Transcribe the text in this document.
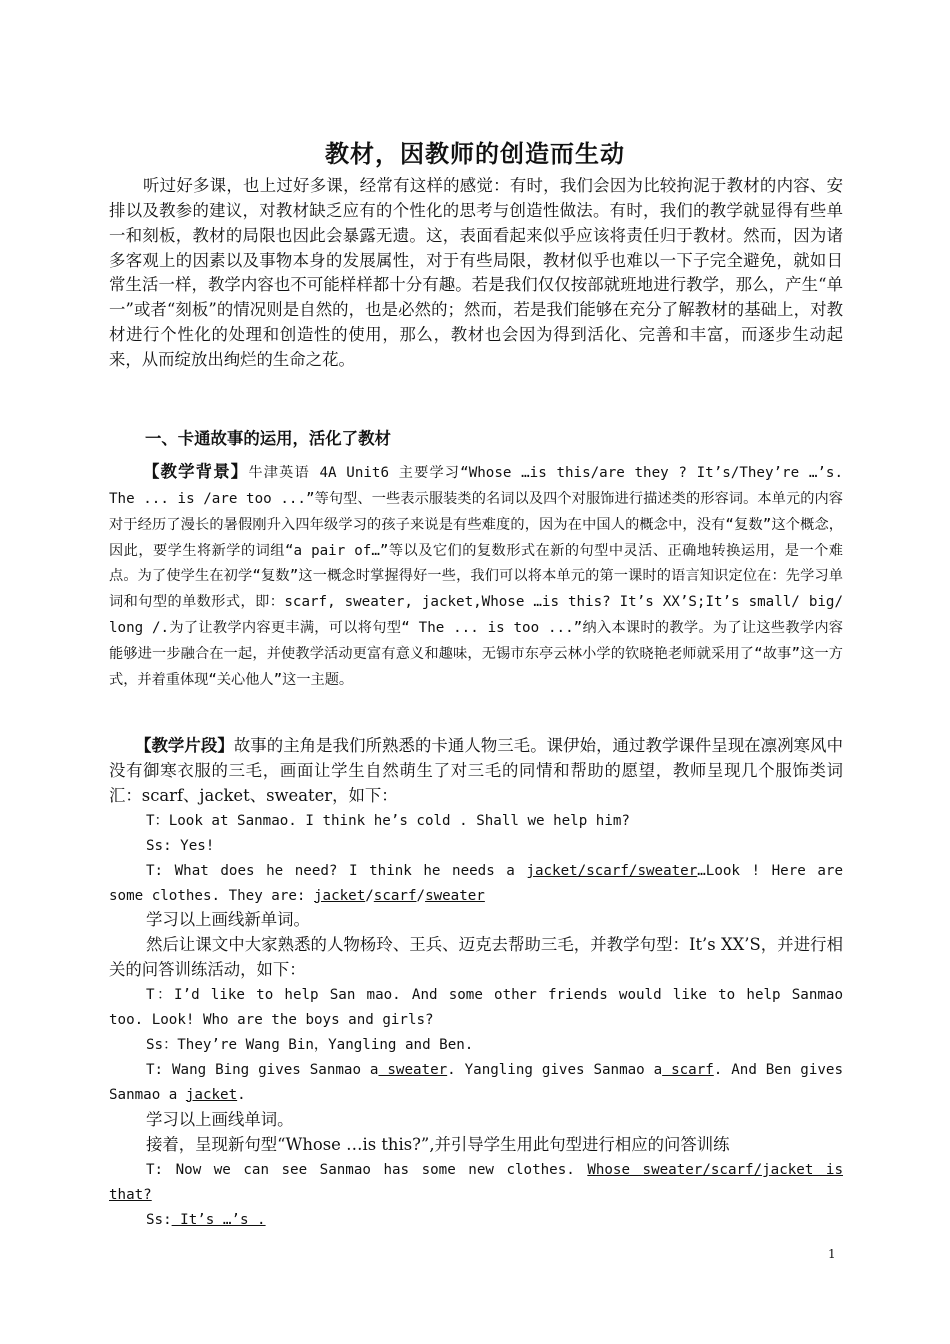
教材，因教师的创造而生动

听过好多课，也上过好多课，经常有这样的感觉：有时，我们会因为比较拘泥于教材的内容、安排以及教参的建议，对教材缺乏应有的个性化的思考与创造性做法。有时，我们的教学就显得有些单一和刻板，教材的局限也因此会暴露无遗。这，表面看起来似乎应该将责任归于教材。然而，因为诸多客观上的因素以及事物本身的发展属性，对于有些局限，教材似乎也难以一下子完全避免，就如日常生活一样，教学内容也不可能样样都十分有趣。若是我们仅仅按部就班地进行教学，那么，产生“单一”或者“刻板”的情况则是自然的，也是必然的；然而，若是我们能够在充分了解教材的基础上，对教材进行个性化的处理和创造性的使用，那么，教材也会因为得到活化、完善和丰富，而逐步生动起来，从而绽放出绚烂的生命之花。

一、卡通故事的运用，活化了教材

【教学背景】牛津英语 4A Unit6 主要学习“Whose …is this/are they ? It’s/They’re …’s. The ... is /are too ...”等句型、一些表示服装类的名词以及四个对服饰进行描述类的形容词。本单元的内容对于经历了漫长的暑假刚升入四年级学习的孩子来说是有些难度的，因为在中国人的概念中，没有“复数”这个概念，因此，要学生将新学的词组“a pair of…”等以及它们的复数形式在新的句型中灵活、正确地转换运用，是一个难点。为了使学生在初学“复数”这一概念时掌握得好一些，我们可以将本单元的第一课时的语言知识定位在：先学习单词和句型的单数形式，即：scarf, sweater, jacket,Whose …is this? It’s XX’S;It’s small/ big/ long /.为了让教学内容更丰满，可以将句型“ The ... is too ...”纳入本课时的教学。为了让这些教学内容能够进一步融合在一起，并使教学活动更富有意义和趣味，无锡市东亭云林小学的钦晓艳老师就采用了“故事”这一方式，并着重体现“关心他人”这一主题。

【教学片段】故事的主角是我们所熟悉的卡通人物三毛。课伊始，通过教学课件呈现在凛冽寒风中没有御寒衣服的三毛，画面让学生自然萌生了对三毛的同情和帮助的愿望，教师呈现几个服饰类词汇：scarf、jacket、sweater，如下：

T：Look at Sanmao. I think he’s cold . Shall we help him?

Ss: Yes!

T: What does he need? I think he needs a jacket/scarf/sweater…Look ! Here are some clothes. They are: jacket/scarf/sweater

学习以上画线新单词。

然后让课文中大家熟悉的人物杨玲、王兵、迈克去帮助三毛，并教学句型：It’s XX’S，并进行相关的问答训练活动，如下：

T：I’d like to help San mao. And some other friends would like to help Sanmao too. Look! Who are the boys and girls?

Ss：They’re Wang Bin，Yangling and Ben.

T: Wang Bing gives Sanmao a sweater. Yangling gives Sanmao a scarf. And Ben gives Sanmao a jacket.

学习以上画线单词。

接着，呈现新句型“Whose …is this?”,并引导学生用此句型进行相应的问答训练

T: Now we can see Sanmao has some new clothes. Whose sweater/scarf/jacket is that?

Ss: It’s …’s .

1
